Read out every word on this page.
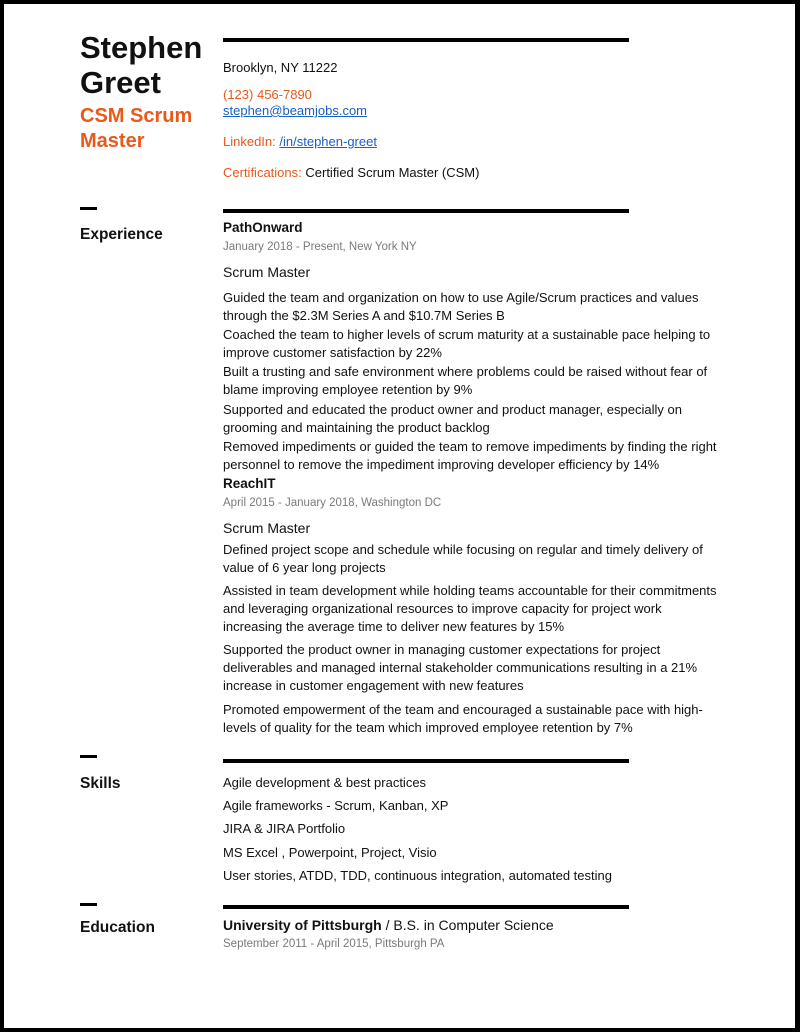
Stephen Greet
CSM Scrum Master
Brooklyn, NY 11222
(123) 456-7890
stephen@beamjobs.com
LinkedIn: /in/stephen-greet
Certifications: Certified Scrum Master (CSM)
Experience	PathOnward
January 2018 - Present, New York NY
Scrum Master
Guided the team and organization on how to use Agile/Scrum practices and values through the $2.3M Series A and $10.7M Series B
Coached the team to higher levels of scrum maturity at a sustainable pace helping to improve customer satisfaction by 22%
Built a trusting and safe environment where problems could be raised without fear of blame improving employee retention by 9%
Supported and educated the product owner and product manager, especially on grooming and maintaining the product backlog
Removed impediments or guided the team to remove impediments by finding the right personnel to remove the impediment improving developer efficiency by 14%
ReachIT
April 2015 - January 2018, Washington DC
Scrum Master
Defined project scope and schedule while focusing on regular and timely delivery of value of 6 year long projects
Assisted in team development while holding teams accountable for their commitments and leveraging organizational resources to improve capacity for project work increasing the average time to deliver new features by 15%
Supported the product owner in managing customer expectations for project deliverables and managed internal stakeholder communications resulting in a 21% increase in customer engagement with new features
Promoted empowerment of the team and encouraged a sustainable pace with high-levels of quality for the team which improved employee retention by 7%
Skills	Agile development & best practices
Agile frameworks - Scrum, Kanban, XP
JIRA & JIRA Portfolio
MS Excel , Powerpoint, Project, Visio
User stories, ATDD, TDD, continuous integration, automated testing
Education	University of Pittsburgh / B.S. in Computer Science
September 2011 - April 2015, Pittsburgh PA
